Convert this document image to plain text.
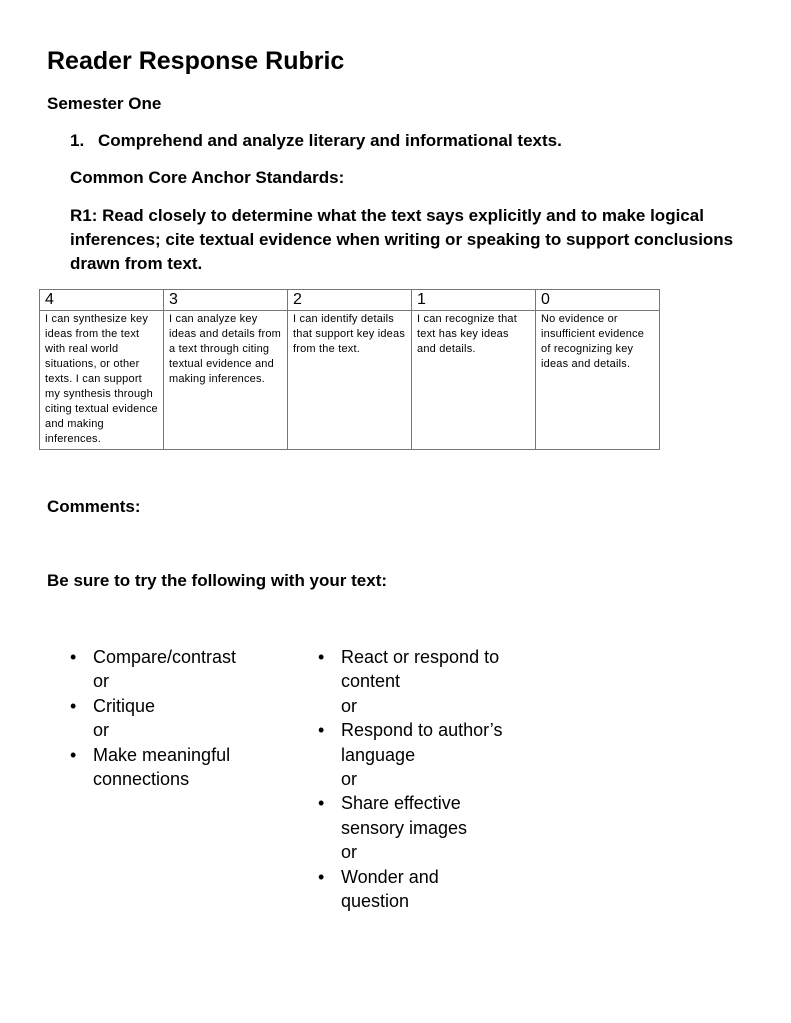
Reader Response Rubric
Semester One
1. Comprehend and analyze literary and informational texts.
Common Core Anchor Standards:
R1: Read closely to determine what the text says explicitly and to make logical inferences; cite textual evidence when writing or speaking to support conclusions drawn from text.
4	3	2	1	0
I can synthesize key ideas from the text with real world situations, or other texts. I can support my synthesis through citing textual evidence and making inferences.	I can analyze key ideas and details from a text through citing textual evidence and making inferences.	I can identify details that support key ideas from the text.	I can recognize that text has key ideas and details.	No evidence or insufficient evidence of recognizing key ideas and details.
Comments:
Be sure to try the following with your text:
• Compare/contrast
or
• Critique
or
• Make meaningful connections
• React or respond to content
or
• Respond to author’s language
or
• Share effective sensory images
or
• Wonder and question
